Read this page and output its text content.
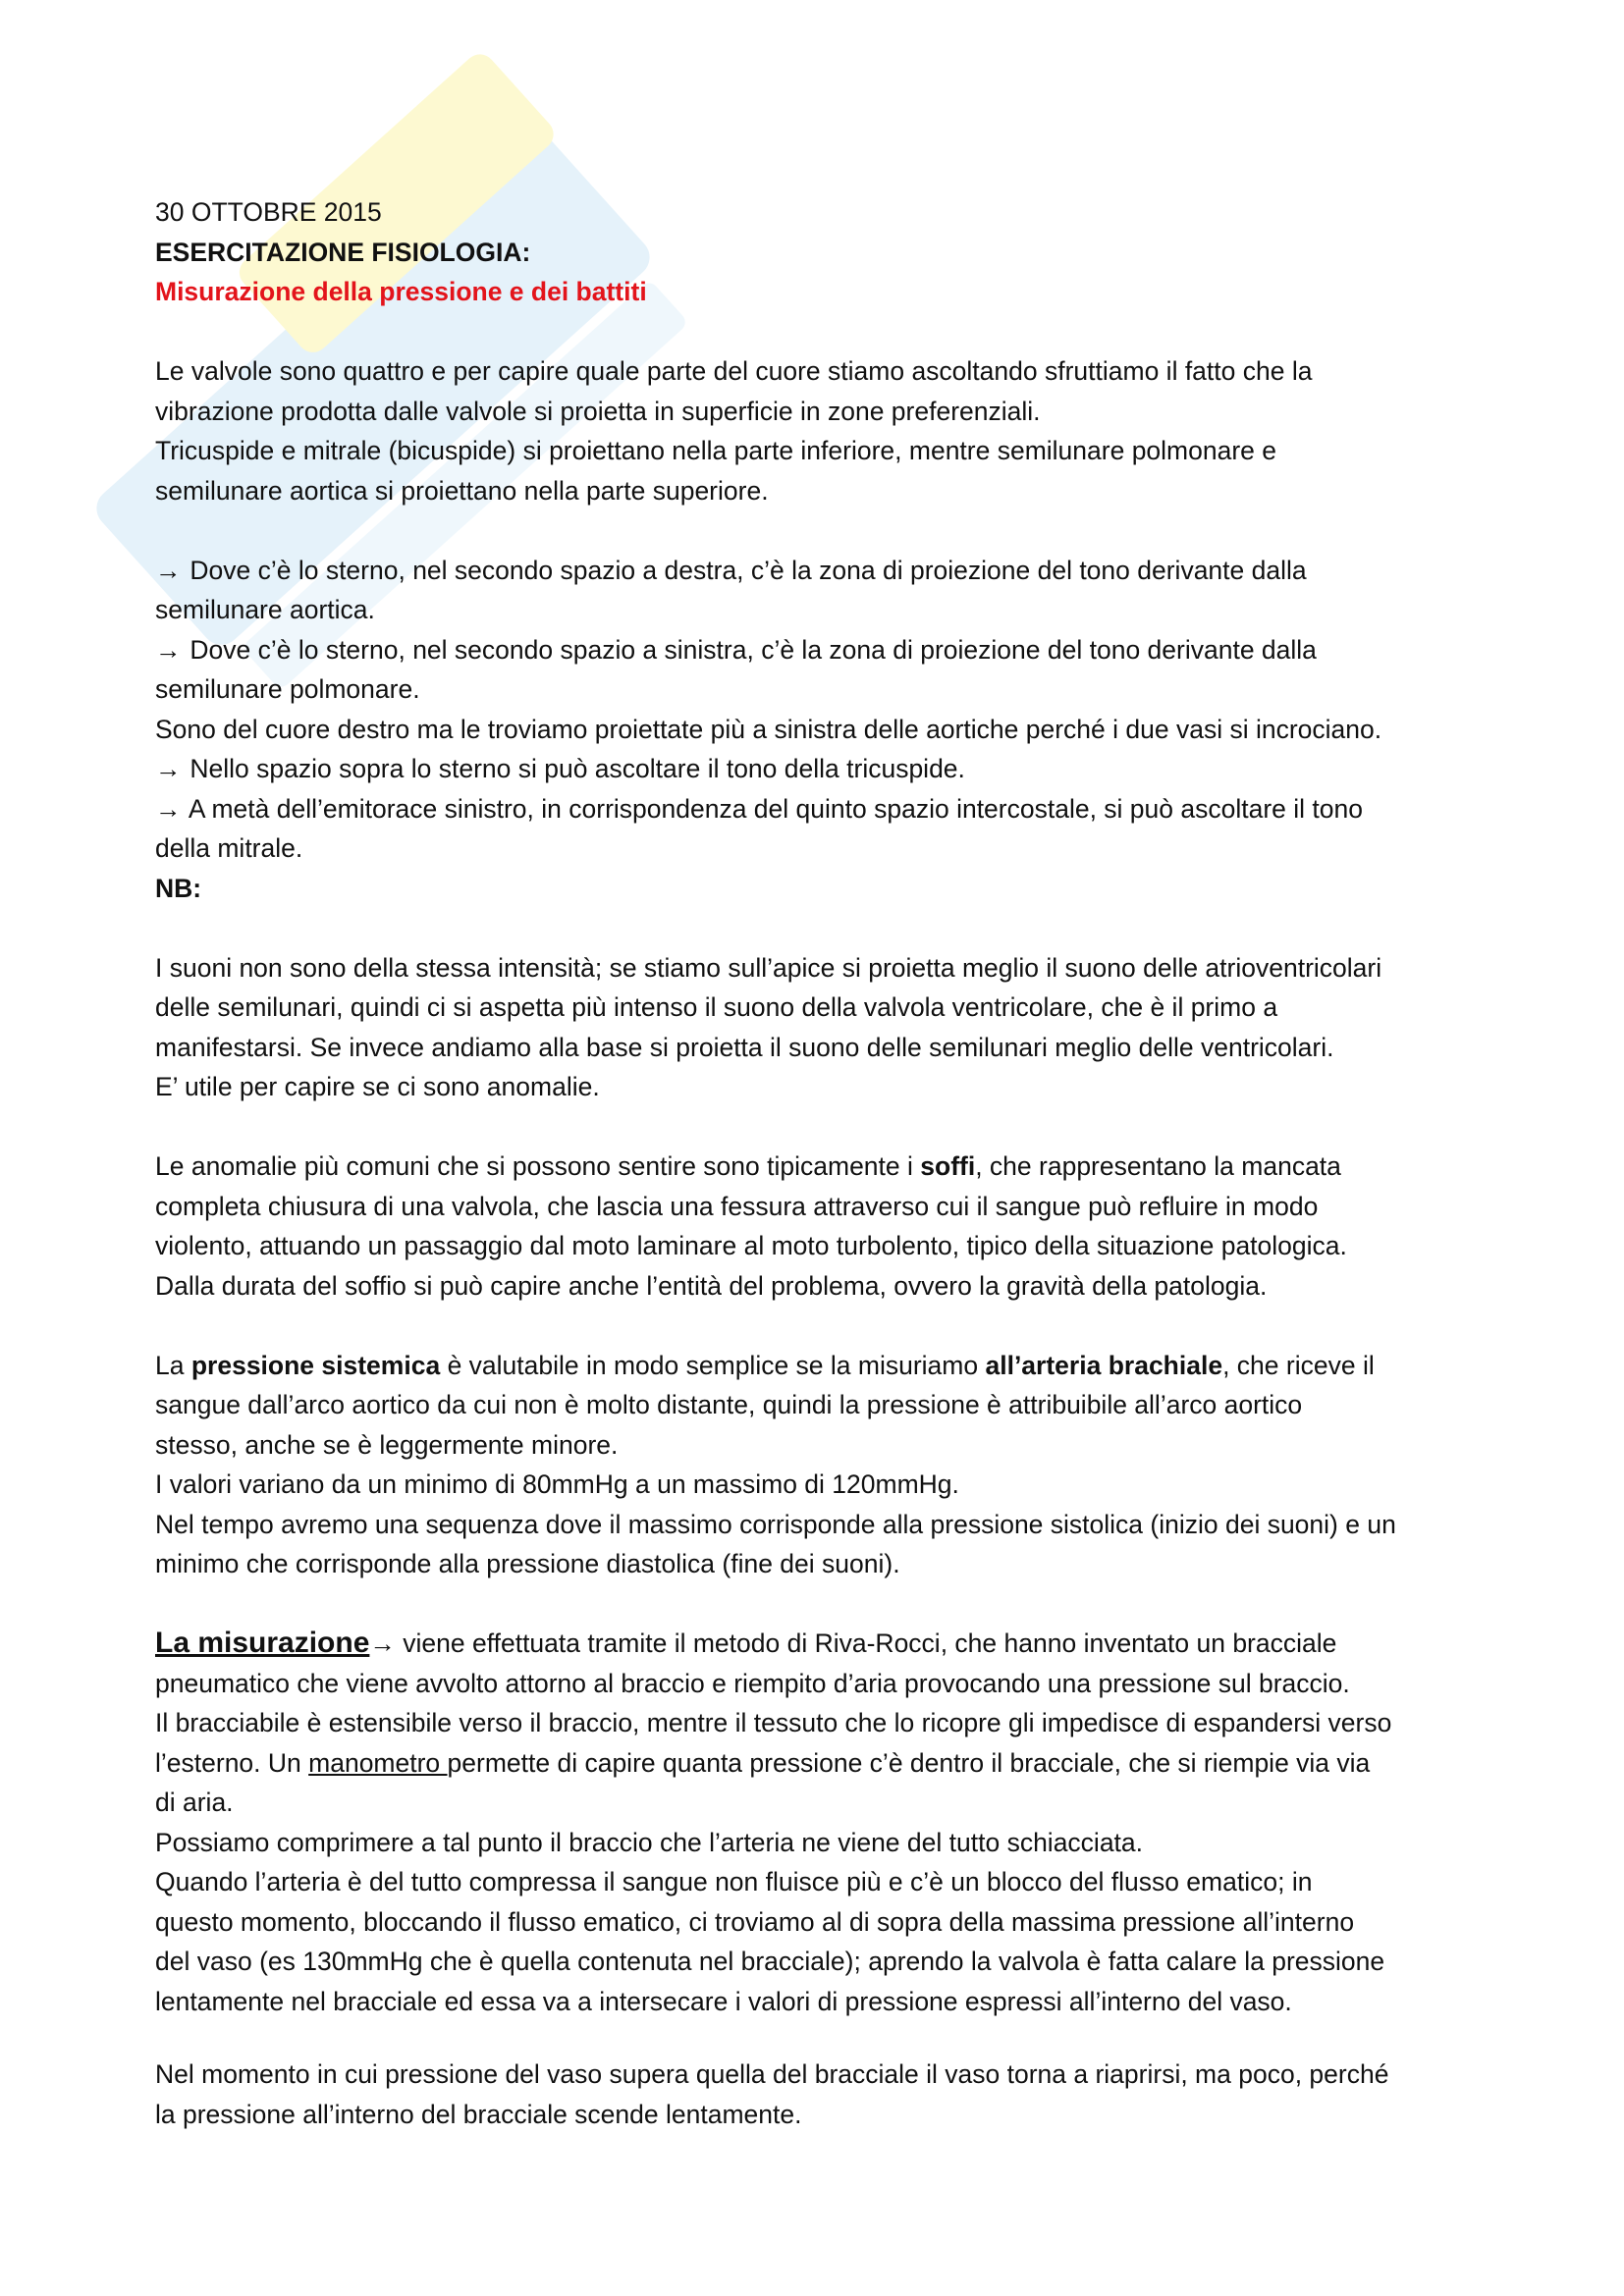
30 OTTOBRE 2015

ESERCITAZIONE FISIOLOGIA:

Misurazione della pressione e dei battiti

Le valvole sono quattro e per capire quale parte del cuore stiamo ascoltando sfruttiamo il fatto che la

vibrazione prodotta dalle valvole si proietta in superficie in zone preferenziali.

Tricuspide e mitrale (bicuspide) si proiettano nella parte inferiore, mentre semilunare polmonare e

semilunare aortica si proiettano nella parte superiore.

→ Dove c’è lo sterno, nel secondo spazio a destra, c’è la zona di proiezione del tono derivante dalla

semilunare aortica.

→ Dove c’è lo sterno, nel secondo spazio a sinistra, c’è la zona di proiezione del tono derivante dalla

semilunare polmonare.

Sono del cuore destro ma le troviamo proiettate più a sinistra delle aortiche perché i due vasi si incrociano.

→ Nello spazio sopra lo sterno si può ascoltare il tono della tricuspide.

→ A metà dell’emitorace sinistro, in corrispondenza del quinto spazio intercostale, si può ascoltare il tono

della mitrale.

NB:

I suoni non sono della stessa intensità; se stiamo sull’apice si proietta meglio il suono delle atrioventricolari

delle semilunari, quindi ci si aspetta più intenso il suono della valvola ventricolare, che è il primo a

manifestarsi. Se invece andiamo alla base si proietta il suono delle semilunari meglio delle ventricolari.

E’ utile per capire se ci sono anomalie.

Le anomalie più comuni che si possono sentire sono tipicamente i soffi, che rappresentano la mancata

completa chiusura di una valvola, che lascia una fessura attraverso cui il sangue può refluire in modo

violento, attuando un passaggio dal moto laminare al moto turbolento, tipico della situazione patologica.

Dalla durata del soffio si può capire anche l’entità del problema, ovvero la gravità della patologia.

La pressione sistemica è valutabile in modo semplice se la misuriamo all’arteria brachiale, che riceve il

sangue dall’arco aortico da cui non è molto distante, quindi la pressione è attribuibile all’arco aortico

stesso, anche se è leggermente minore.

I valori variano da un minimo di 80mmHg a un massimo di 120mmHg.

Nel tempo avremo una sequenza dove il massimo corrisponde alla pressione sistolica (inizio dei suoni) e un

minimo che corrisponde alla pressione diastolica (fine dei suoni).

La misurazione→ viene effettuata tramite il metodo di Riva-Rocci, che hanno inventato un bracciale

pneumatico che viene avvolto attorno al braccio e riempito d’aria provocando una pressione sul braccio.

Il bracciabile è estensibile verso il braccio, mentre il tessuto che lo ricopre gli impedisce di espandersi verso

l’esterno. Un manometro permette di capire quanta pressione c’è dentro il bracciale, che si riempie via via

di aria.

Possiamo comprimere a tal punto il braccio che l’arteria ne viene del tutto schiacciata.

Quando l’arteria è del tutto compressa il sangue non fluisce più e c’è un blocco del flusso ematico; in

questo momento, bloccando il flusso ematico, ci troviamo al di sopra della massima pressione all’interno

del vaso (es 130mmHg che è quella contenuta nel bracciale); aprendo la valvola è fatta calare la pressione

lentamente nel bracciale ed essa va a intersecare i valori di pressione espressi all’interno del vaso.

Nel momento in cui pressione del vaso supera quella del bracciale il vaso torna a riaprirsi, ma poco, perché

la pressione all’interno del bracciale scende lentamente.
